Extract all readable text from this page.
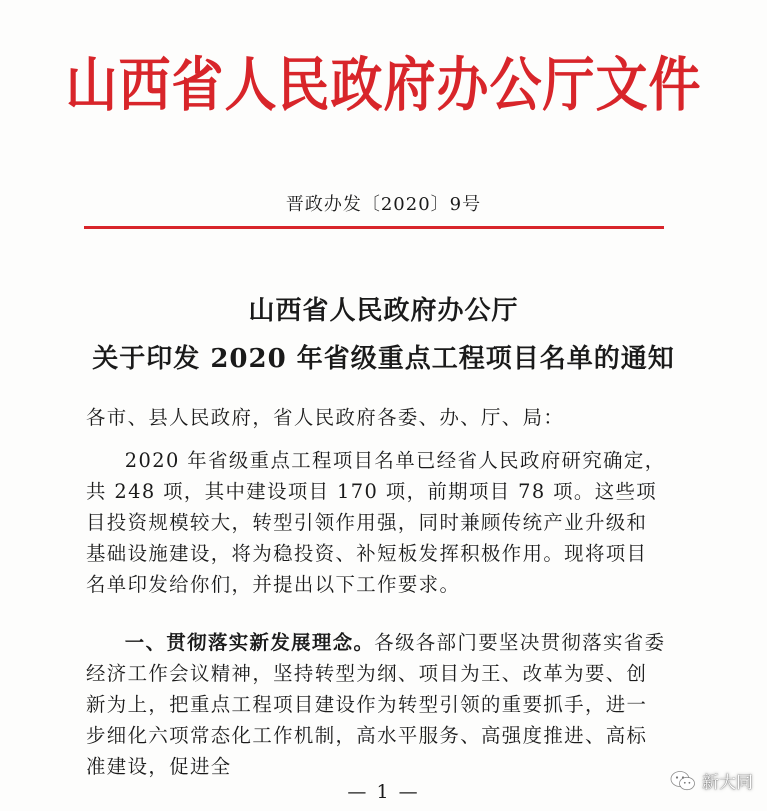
山西省人民政府办公厅文件
晋政办发〔2020〕9号
山西省人民政府办公厅
关于印发 2020 年省级重点工程项目名单的通知

各市、县人民政府，省人民政府各委、办、厅、局：

2020 年省级重点工程项目名单已经省人民政府研究确定，共 248 项，其中建设项目 170 项，前期项目 78 项。这些项目投资规模较大，转型引领作用强，同时兼顾传统产业升级和基础设施建设，将为稳投资、补短板发挥积极作用。现将项目名单印发给你们，并提出以下工作要求。

一、贯彻落实新发展理念。各级各部门要坚决贯彻落实省委经济工作会议精神，坚持转型为纲、项目为王、改革为要、创新为上，把重点工程项目建设作为转型引领的重要抓手，进一步细化六项常态化工作机制，高水平服务、高强度推进、高标准建设，促进全

— 1 —	新大同
